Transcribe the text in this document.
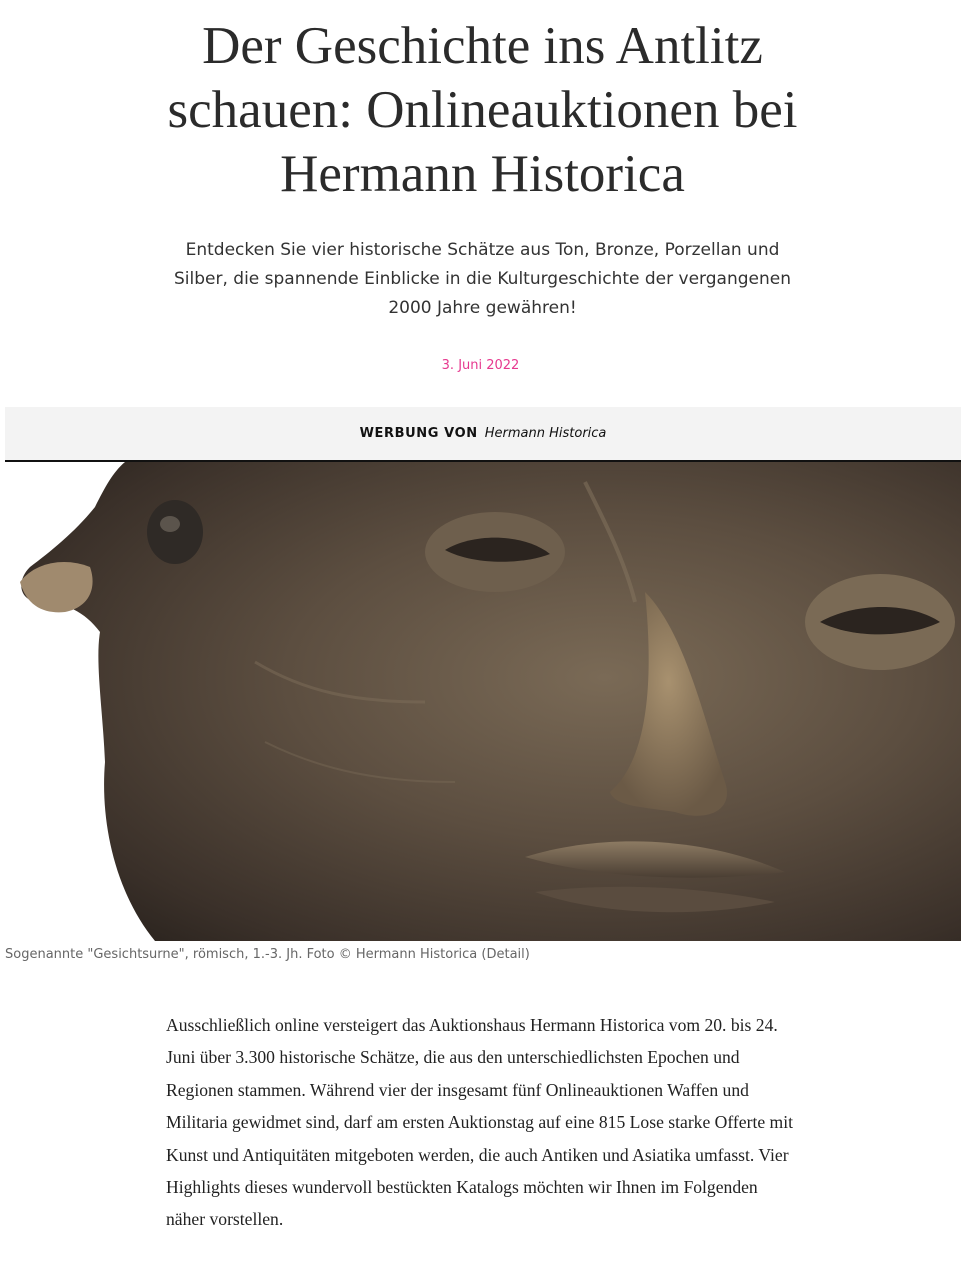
Der Geschichte ins Antlitz schauen: Onlineauktionen bei Hermann Historica

Entdecken Sie vier historische Schätze aus Ton, Bronze, Porzellan und Silber, die spannende Einblicke in die Kulturgeschichte der vergangenen 2000 Jahre gewähren!

3. Juni 2022
WERBUNG VON Hermann Historica
Sogenannte "Gesichtsurne", römisch, 1.-3. Jh. Foto © Hermann Historica (Detail)

Ausschließlich online versteigert das Auktionshaus Hermann Historica vom 20. bis 24. Juni über 3.300 historische Schätze, die aus den unterschiedlichsten Epochen und Regionen stammen. Während vier der insgesamt fünf Onlineauktionen Waffen und Militaria gewidmet sind, darf am ersten Auktionstag auf eine 815 Lose starke Offerte mit Kunst und Antiquitäten mitgeboten werden, die auch Antiken und Asiatika umfasst. Vier Highlights dieses wundervoll bestückten Katalogs möchten wir Ihnen im Folgenden näher vorstellen.
